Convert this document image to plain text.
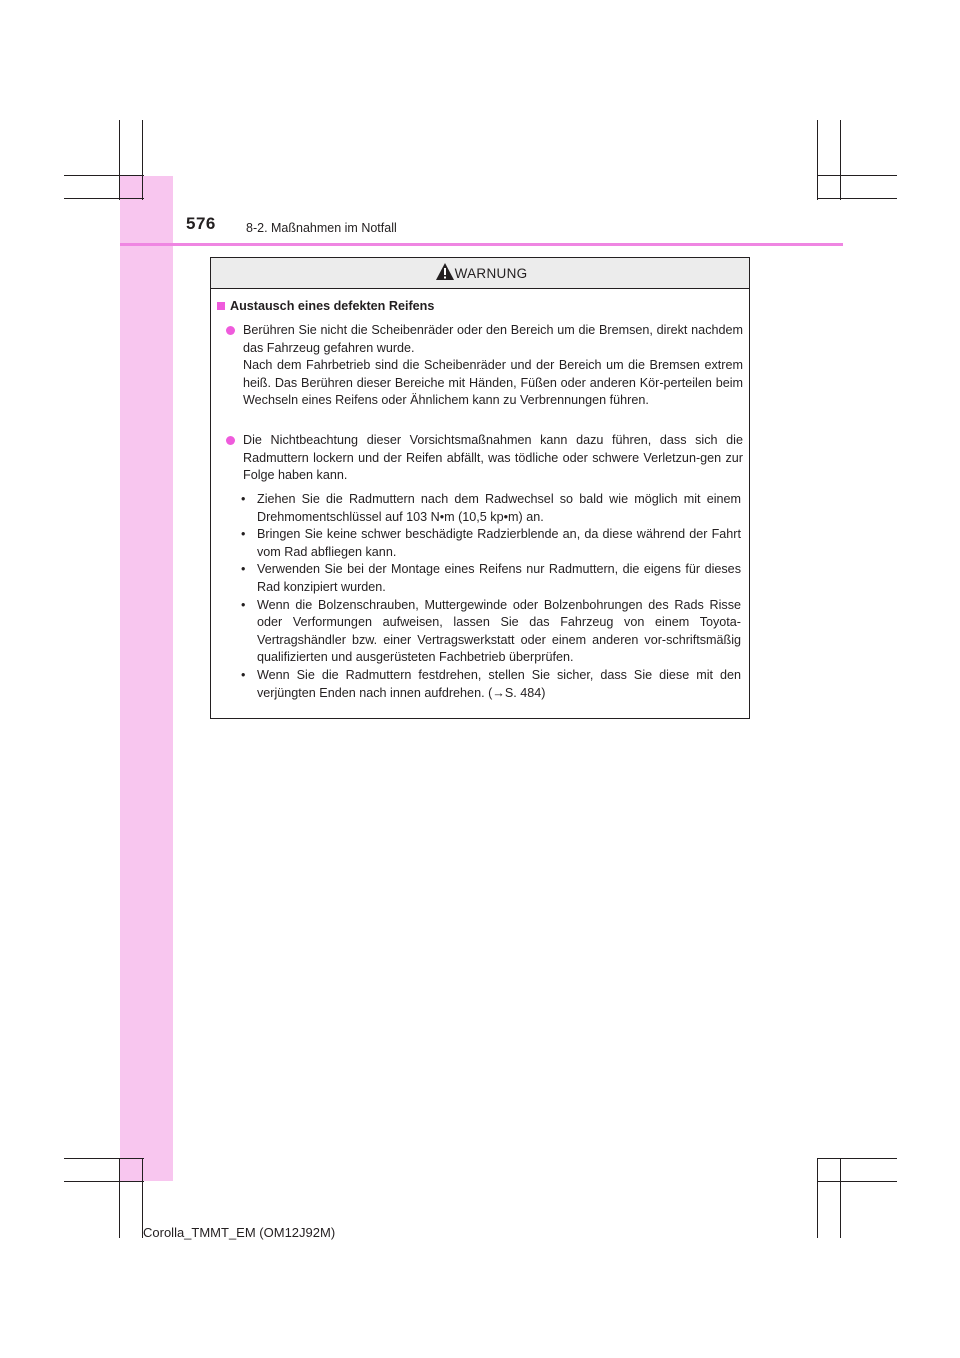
576 8-2. Maßnahmen im Notfall
WARNUNG
Austausch eines defekten Reifens

Berühren Sie nicht die Scheibenräder oder den Bereich um die Bremsen, direkt nachdem das Fahrzeug gefahren wurde.

Nach dem Fahrbetrieb sind die Scheibenräder und der Bereich um die Bremsen extrem heiß. Das Berühren dieser Bereiche mit Händen, Füßen oder anderen Kör-perteilen beim Wechseln eines Reifens oder Ähnlichem kann zu Verbrennungen führen.

Die Nichtbeachtung dieser Vorsichtsmaßnahmen kann dazu führen, dass sich die Radmuttern lockern und der Reifen abfällt, was tödliche oder schwere Verletzun-gen zur Folge haben kann.

• Ziehen Sie die Radmuttern nach dem Radwechsel so bald wie möglich mit einem Drehmomentschlüssel auf 103 N•m (10,5 kp•m) an.

• Bringen Sie keine schwer beschädigte Radzierblende an, da diese während der Fahrt vom Rad abfliegen kann.

• Verwenden Sie bei der Montage eines Reifens nur Radmuttern, die eigens für dieses Rad konzipiert wurden.

• Wenn die Bolzenschrauben, Muttergewinde oder Bolzenbohrungen des Rads Risse oder Verformungen aufweisen, lassen Sie das Fahrzeug von einem Toyota-Vertragshändler bzw. einer Vertragswerkstatt oder einem anderen vor-schriftsmäßig qualifizierten und ausgerüsteten Fachbetrieb überprüfen.

• Wenn Sie die Radmuttern festdrehen, stellen Sie sicher, dass Sie diese mit den verjüngten Enden nach innen aufdrehen. (→S. 484)

Corolla_TMMT_EM (OM12J92M)
